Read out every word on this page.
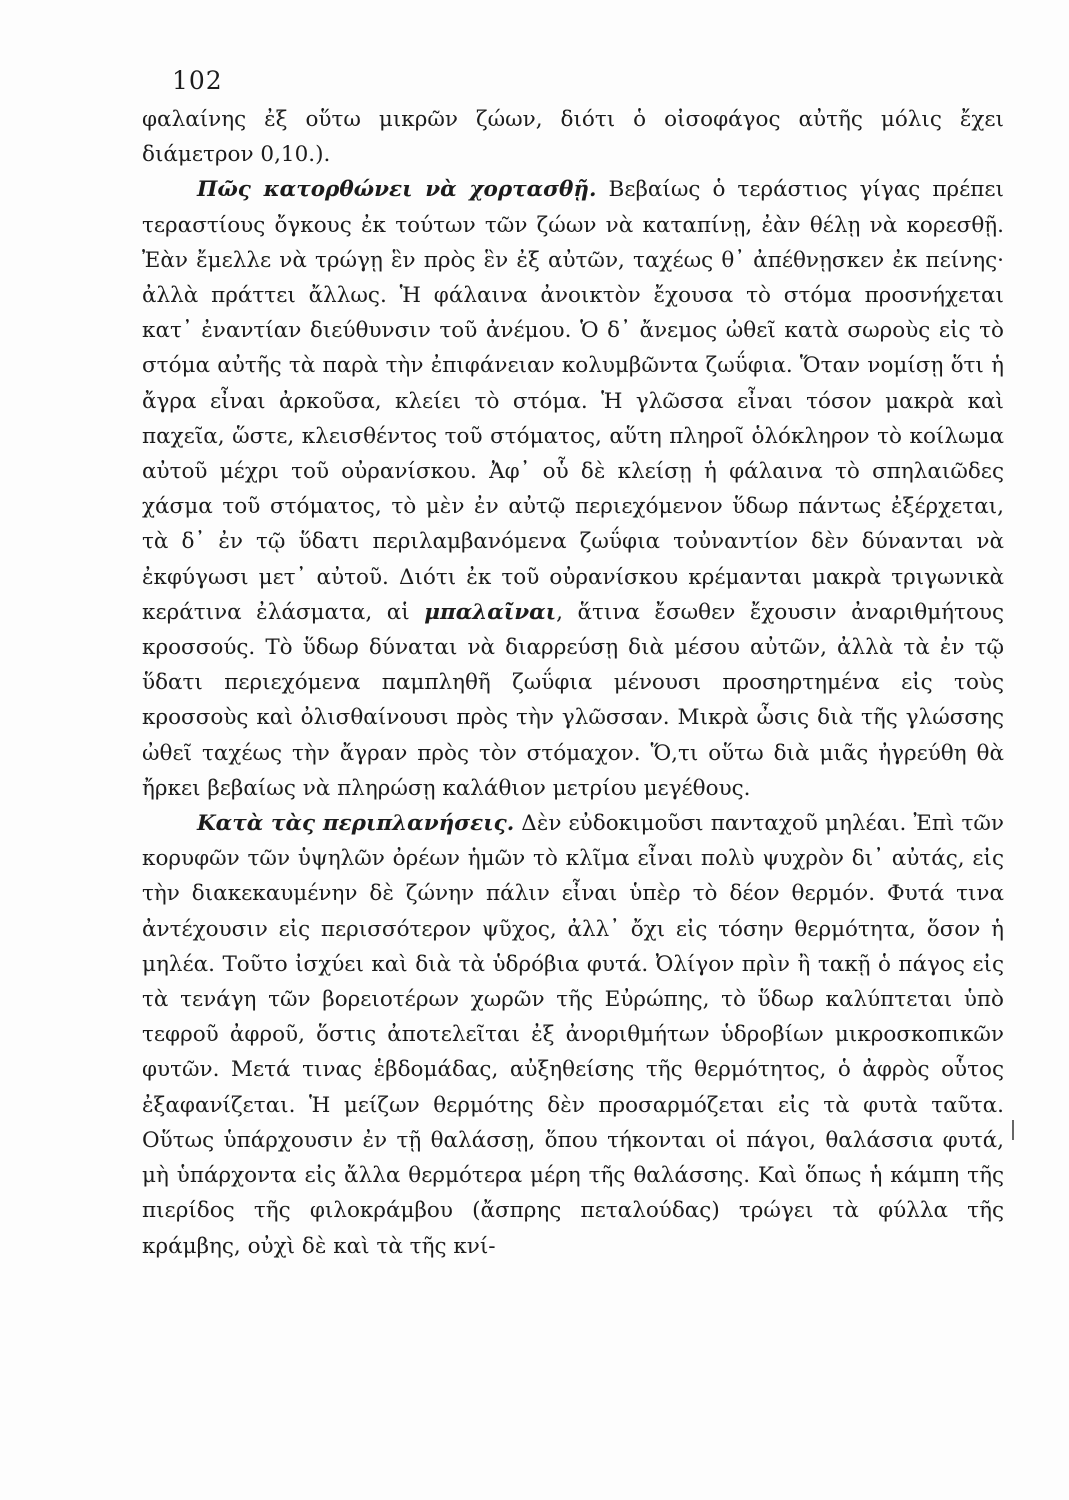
102

φαλαίνης ἐξ οὕτω μικρῶν ζώων, διότι ὁ οἰσοφάγος αὐτῆς μόλις ἔχει διάμετρον 0,10.).

Πῶς κατορθώνει νὰ χορτασθῇ. Βεβαίως ὁ τεράστιος γίγας πρέπει τεραστίους ὄγκους ἐκ τούτων τῶν ζώων νὰ καταπίνῃ, ἐὰν θέλῃ νὰ κορεσθῇ. Ἐὰν ἔμελλε νὰ τρώγῃ ἓν πρὸς ἓν ἐξ αὐτῶν, ταχέως θ᾽ ἀπέθνῃσκεν ἐκ πείνης· ἀλλὰ πράττει ἄλλως. Ἡ φάλαινα ἀνοικτὸν ἔχουσα τὸ στόμα προσνήχεται κατ᾽ ἐναντίαν διεύθυνσιν τοῦ ἀνέμου. Ὁ δ᾽ ἄνεμος ὠθεῖ κατὰ σωροὺς εἰς τὸ στόμα αὐτῆς τὰ παρὰ τὴν ἐπιφάνειαν κολυμβῶντα ζωΰφια. Ὅταν νομίσῃ ὅτι ἡ ἄγρα εἶναι ἀρκοῦσα, κλείει τὸ στόμα. Ἡ γλῶσσα εἶναι τόσον μακρὰ καὶ παχεῖα, ὥστε, κλεισθέντος τοῦ στόματος, αὕτη πληροῖ ὁλόκληρον τὸ κοίλωμα αὐτοῦ μέχρι τοῦ οὐρανίσκου. Ἀφ᾽ οὗ δὲ κλείσῃ ἡ φάλαινα τὸ σπηλαιῶδες χάσμα τοῦ στόματος, τὸ μὲν ἐν αὐτῷ περιεχόμενον ὕδωρ πάντως ἐξέρχεται, τὰ δ᾽ ἐν τῷ ὕδατι περιλαμβανόμενα ζωΰφια τοὐναντίον δὲν δύνανται νὰ ἐκφύγωσι μετ᾽ αὐτοῦ. Διότι ἐκ τοῦ οὐρανίσκου κρέμανται μακρὰ τριγωνικὰ κεράτινα ἐλάσματα, αἱ μπαλαῖναι, ἅτινα ἔσωθεν ἔχουσιν ἀναριθμήτους κροσσούς. Τὸ ὕδωρ δύναται νὰ διαρρεύσῃ διὰ μέσου αὐτῶν, ἀλλὰ τὰ ἐν τῷ ὕδατι περιεχόμενα παμπληθῆ ζωΰφια μένουσι προσηρτημένα εἰς τοὺς κροσσοὺς καὶ ὀλισθαίνουσι πρὸς τὴν γλῶσσαν. Μικρὰ ὦσις διὰ τῆς γλώσσης ὠθεῖ ταχέως τὴν ἄγραν πρὸς τὸν στόμαχον. Ὅ,τι οὕτω διὰ μιᾶς ἠγρεύθη θὰ ἤρκει βεβαίως νὰ πληρώσῃ καλάθιον μετρίου μεγέθους.

Κατὰ τὰς περιπλανήσεις. Δὲν εὐδοκιμοῦσι πανταχοῦ μηλέαι. Ἐπὶ τῶν κορυφῶν τῶν ὑψηλῶν ὀρέων ἡμῶν τὸ κλῖμα εἶναι πολὺ ψυχρὸν δι᾽ αὐτάς, εἰς τὴν διακεκαυμένην δὲ ζώνην πάλιν εἶναι ὑπὲρ τὸ δέον θερμόν. Φυτά τινα ἀντέχουσιν εἰς περισσότερον ψῦχος, ἀλλ᾽ ὄχι εἰς τόσην θερμότητα, ὅσον ἡ μηλέα. Τοῦτο ἰσχύει καὶ διὰ τὰ ὑδρόβια φυτά. Ὀλίγον πρὶν ἢ τακῇ ὁ πάγος εἰς τὰ τενάγη τῶν βορειοτέρων χωρῶν τῆς Εὐρώπης, τὸ ὕδωρ καλύπτεται ὑπὸ τεφροῦ ἀφροῦ, ὅστις ἀποτελεῖται ἐξ ἀνοριθμήτων ὑδροβίων μικροσκοπικῶν φυτῶν. Μετά τινας ἑβδομάδας, αὐξηθείσης τῆς θερμότητος, ὁ ἀφρὸς οὗτος ἐξαφανίζεται. Ἡ μείζων θερμότης δὲν προσαρμόζεται εἰς τὰ φυτὰ ταῦτα. Οὕτως ὑπάρχουσιν ἐν τῇ θαλάσσῃ, ὅπου τήκονται οἱ πάγοι, θαλάσσια φυτά, μὴ ὑπάρχοντα εἰς ἄλλα θερμότερα μέρη τῆς θαλάσσης. Καὶ ὅπως ἡ κάμπη τῆς πιερίδος τῆς φιλοκράμβου (ἄσπρης πεταλούδας) τρώγει τὰ φύλλα τῆς κράμβης, οὐχὶ δὲ καὶ τὰ τῆς κνί-
